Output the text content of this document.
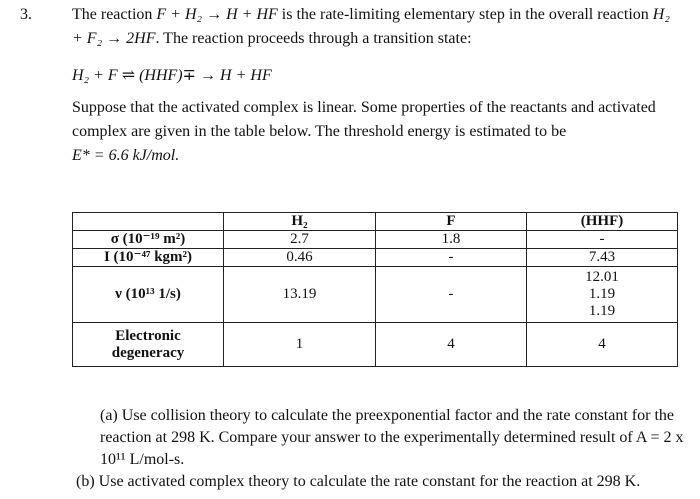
3.	The reaction F + H₂ → H + HF is the rate-limiting elementary step in the overall reaction H₂ + F₂ → 2HF. The reaction proceeds through a transition state:
H₂ + F ⇌ (HHF)∓ → H + HF
Suppose that the activated complex is linear. Some properties of the reactants and activated complex are given in the table below. The threshold energy is estimated to be
E* = 6.6 kJ/mol.
	H₂	F	(HHF)
σ (10⁻¹⁹ m²)	2.7	1.8	-
I (10⁻⁴⁷ kgm²)	0.46	-	7.43
ν (10¹³ 1/s)	13.19	-	12.01
1.19
1.19

Electronic
degeneracy	1	4	4
(a) Use collision theory to calculate the preexponential factor and the rate constant for the reaction at 298 K. Compare your answer to the experimentally determined result of A = 2 x 10¹¹ L/mol-s.
(b) Use activated complex theory to calculate the rate constant for the reaction at 298 K.
